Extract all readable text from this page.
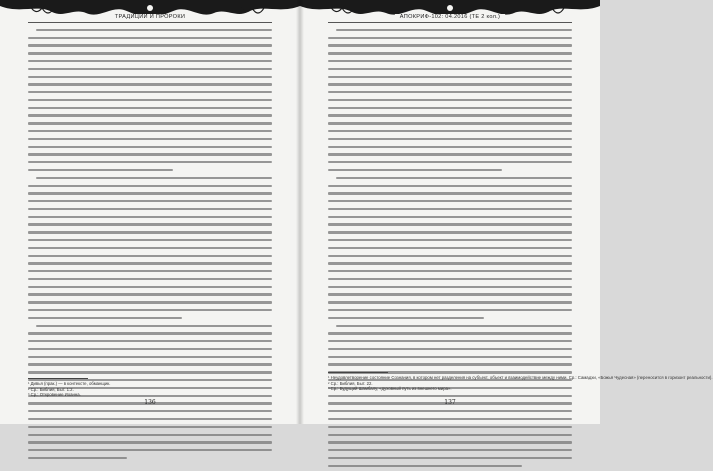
ТРАДИЦИИ И ПРОРОКИ
¹ Дивья (прак.) — в контексте, обманщик.
² Ср.: Библия, Быт. 1:2.
³ Ср.: Откровение Иоанна.
136
АПОКРИФ-102: 04.2016 (ТЕ 2 кол.)
¹ Неудовлетворение состояние Сознания, в котором нет разделения на субъект, объект и взаимодействие между ними. Ср.: Самадхи, «Божья Чудесная» (переносится в горизонт реальности).
² Ср.: Библия, Быт. 22.
³ Ср.: Будущий Шамбалу, «духовный путь из внешнего мира».
137
